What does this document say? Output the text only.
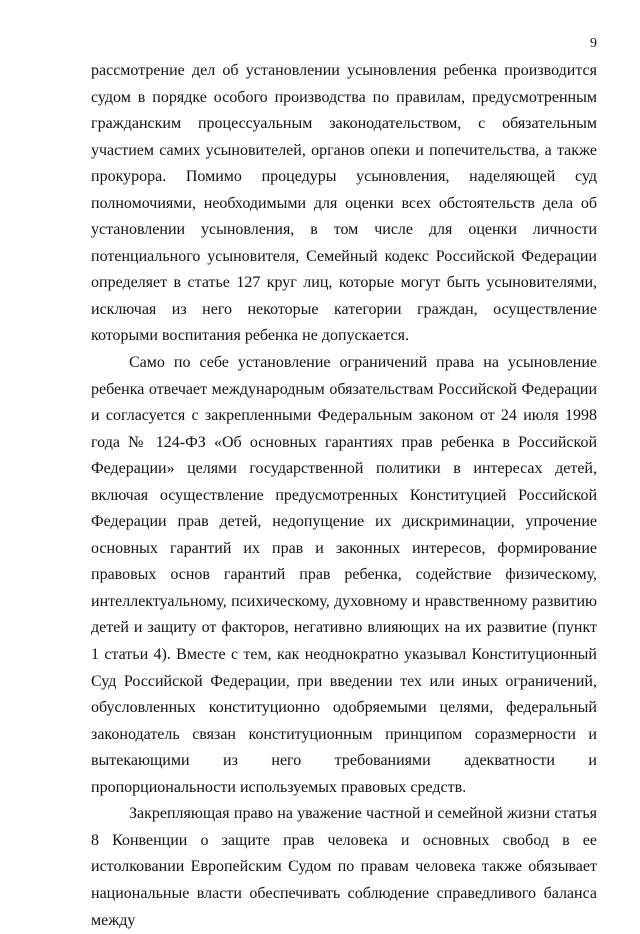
9

рассмотрение дел об установлении усыновления ребенка производится судом в порядке особого производства по правилам, предусмотренным гражданским процессуальным законодательством, с обязательным участием самих усыновителей, органов опеки и попечительства, а также прокурора. Помимо процедуры усыновления, наделяющей суд полномочиями, необходимыми для оценки всех обстоятельств дела об установлении усыновления, в том числе для оценки личности потенциального усыновителя, Семейный кодекс Российской Федерации определяет в статье 127 круг лиц, которые могут быть усыновителями, исключая из него некоторые категории граждан, осуществление которыми воспитания ребенка не допускается.

Само по себе установление ограничений права на усыновление ребенка отвечает международным обязательствам Российской Федерации и согласуется с закрепленными Федеральным законом от 24 июля 1998 года № 124-ФЗ «Об основных гарантиях прав ребенка в Российской Федерации» целями государственной политики в интересах детей, включая осуществление предусмотренных Конституцией Российской Федерации прав детей, недопущение их дискриминации, упрочение основных гарантий их прав и законных интересов, формирование правовых основ гарантий прав ребенка, содействие физическому, интеллектуальному, психическому, духовному и нравственному развитию детей и защиту от факторов, негативно влияющих на их развитие (пункт 1 статьи 4). Вместе с тем, как неоднократно указывал Конституционный Суд Российской Федерации, при введении тех или иных ограничений, обусловленных конституционно одобряемыми целями, федеральный законодатель связан конституционным принципом соразмерности и вытекающими из него требованиями адекватности и пропорциональности используемых правовых средств.

Закрепляющая право на уважение частной и семейной жизни статья 8 Конвенции о защите прав человека и основных свобод в ее истолковании Европейским Судом по правам человека также обязывает национальные власти обеспечивать соблюдение справедливого баланса между
